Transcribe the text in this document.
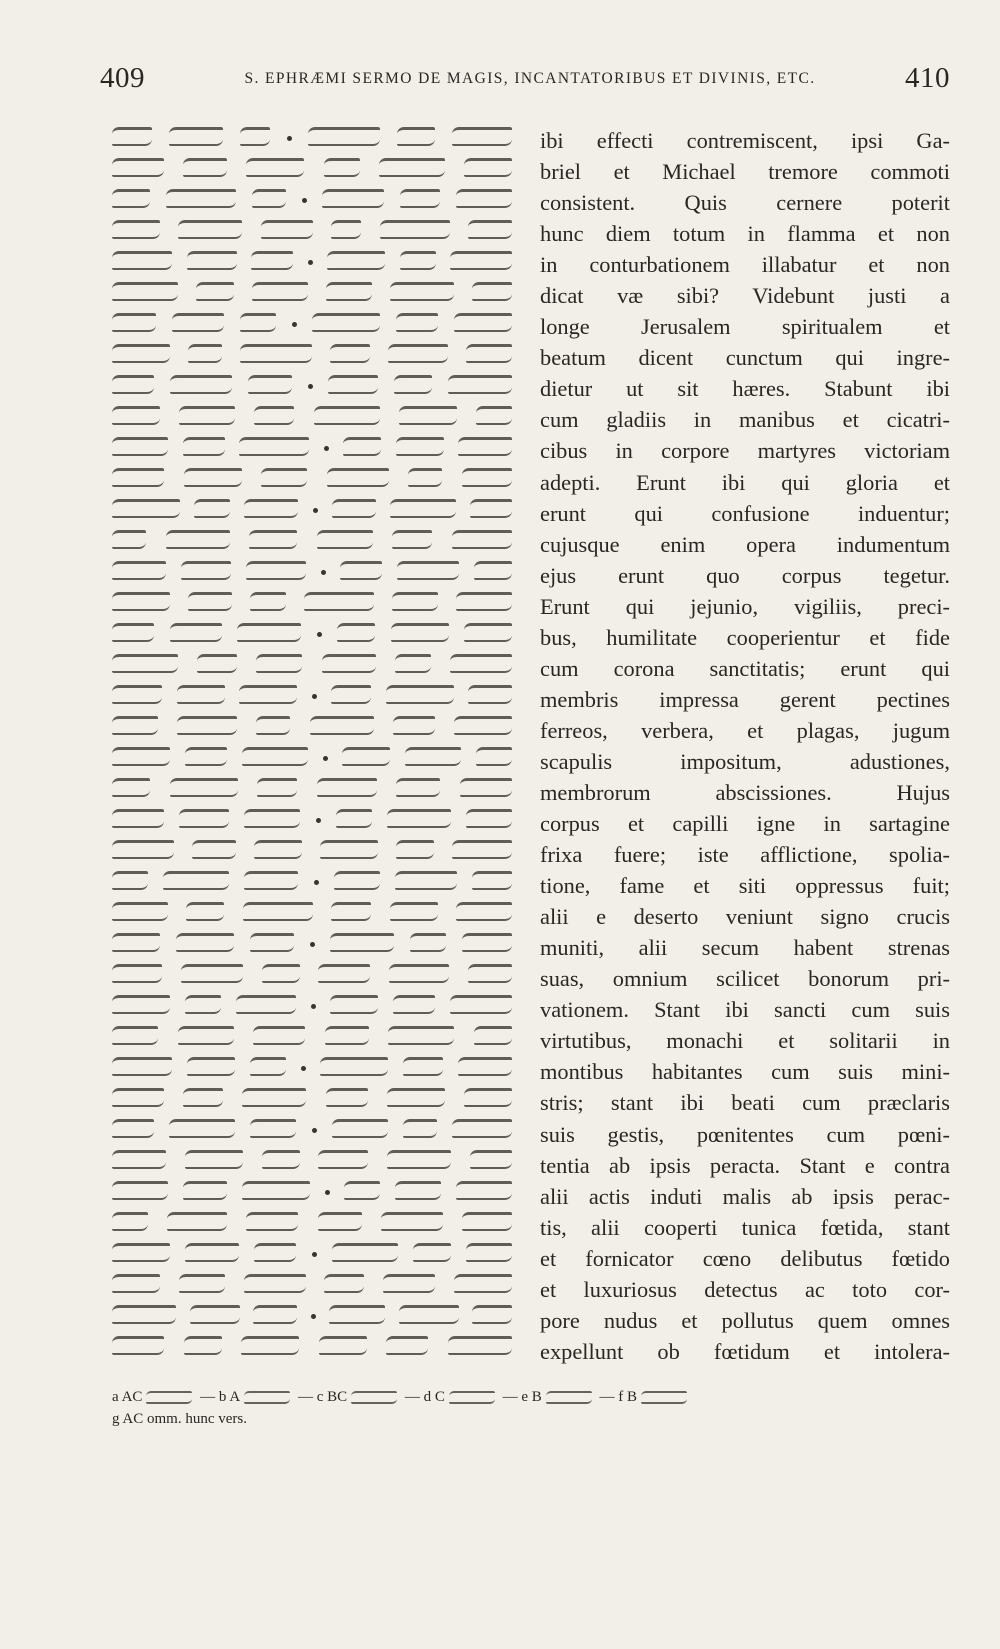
409	S. EPHRÆMI SERMO DE MAGIS, INCANTATORIBUS ET DIVINIS, ETC.	410
ibi effecti contremiscent, ipsi Ga-
briel et Michael tremore commoti
consistent. Quis cernere poterit
hunc diem totum in flamma et non
in conturbationem illabatur et non
dicat væ sibi? Videbunt justi a
longe Jerusalem spiritualem et
beatum dicent cunctum qui ingre-
dietur ut sit hæres. Stabunt ibi
cum gladiis in manibus et cicatri-
cibus in corpore martyres victoriam
adepti. Erunt ibi qui gloria et
erunt qui confusione induentur;
cujusque enim opera indumentum
ejus erunt quo corpus tegetur.
Erunt qui jejunio, vigiliis, preci-
bus, humilitate cooperientur et fide
cum corona sanctitatis; erunt qui
membris impressa gerent pectines
ferreos, verbera, et plagas, jugum
scapulis impositum, adustiones,
membrorum abscissiones. Hujus
corpus et capilli igne in sartagine
frixa fuere; iste afflictione, spolia-
tione, fame et siti oppressus fuit;
alii e deserto veniunt signo crucis
muniti, alii secum habent strenas
suas, omnium scilicet bonorum pri-
vationem. Stant ibi sancti cum suis
virtutibus, monachi et solitarii in
montibus habitantes cum suis mini-
stris; stant ibi beati cum præclaris
suis gestis, pœnitentes cum pœni-
tentia ab ipsis peracta. Stant e contra
alii actis induti malis ab ipsis perac-
tis, alii cooperti tunica fœtida, stant
et fornicator cœno delibutus fœtido
et luxuriosus detectus ac toto cor-
pore nudus et pollutus quem omnes
expellunt ob fœtidum et intolera-
a AC	— b A	— c BC	— d C	— e B	— f B
g AC omm. hunc vers.
